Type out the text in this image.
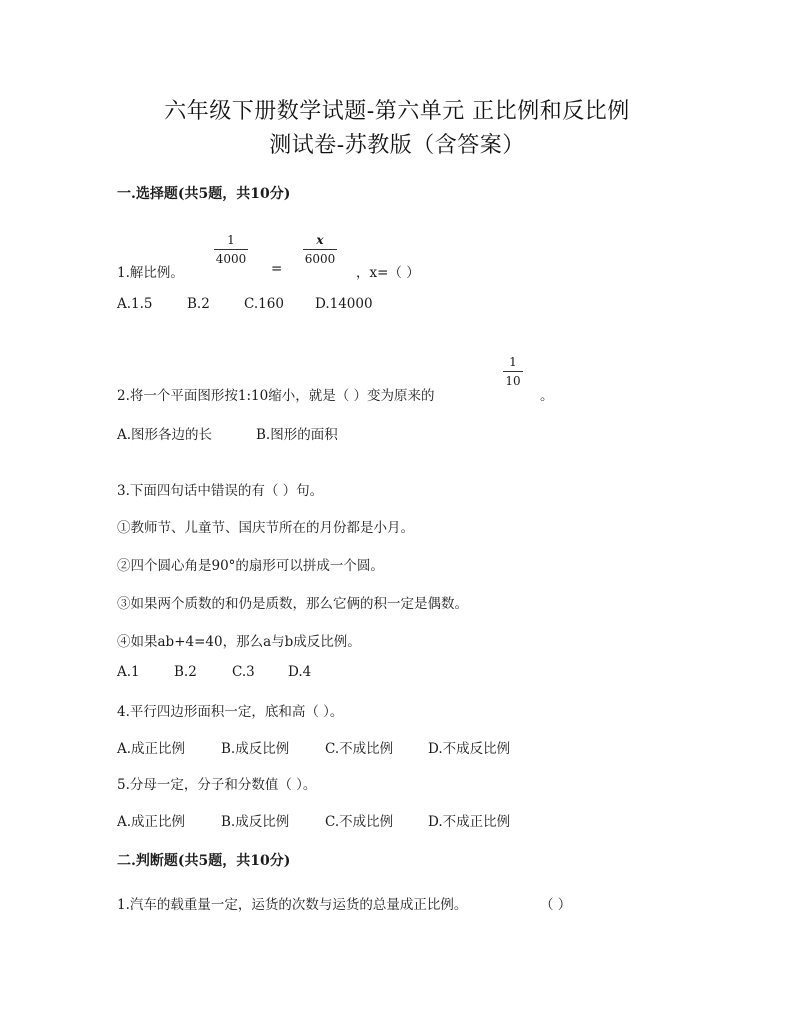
六年级下册数学试题-第六单元 正比例和反比例
测试卷-苏教版（含答案）
一.选择题(共5题，共10分)
1.解比例。
1
4000
=
x
6000
，x=（ ）
A.1.5	B.2	C.160 D.14000
2.将一个平面图形按1:10缩小，就是（ ）变为原来的
1
10
。
A.图形各边的长	B.图形的面积
3.下面四句话中错误的有（ ）句。
①教师节、儿童节、国庆节所在的月份都是小月。
②四个圆心角是90°的扇形可以拼成一个圆。
③如果两个质数的和仍是质数，那么它俩的积一定是偶数。
④如果ab+4=40，那么a与b成反比例。
A.1	B.2	C.3 D.4
4.平行四边形面积一定，底和高（ ）。
A.成正比例	B.成反比例	C.不成比例	D.不成反比例
5.分母一定，分子和分数值（ ）。
A.成正比例	B.成反比例	C.不成比例	D.不成正比例
二.判断题(共5题，共10分)
1.汽车的载重量一定，运货的次数与运货的总量成正比例。	（ ）
